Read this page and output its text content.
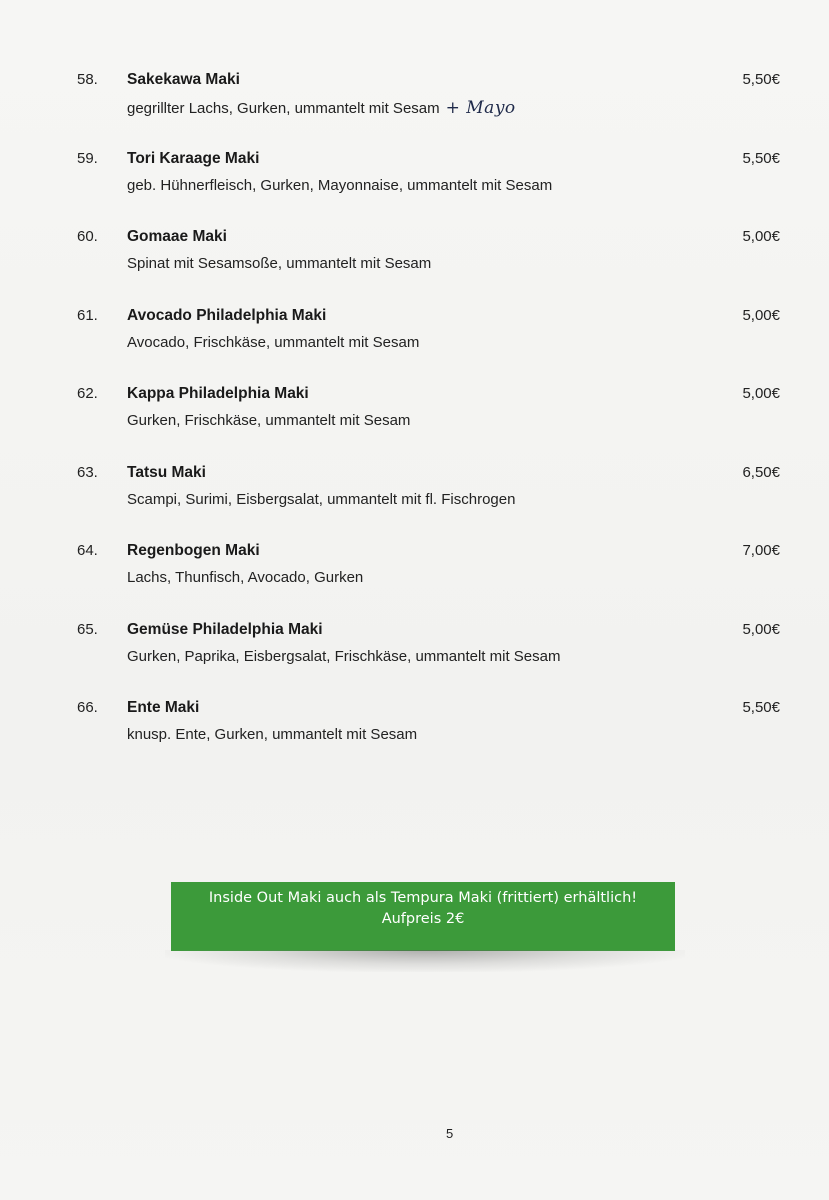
58. Sakekawa Maki
gegrillter Lachs, Gurken, ummantelt mit Sesam + Mayo
5,50€
59. Tori Karaage Maki
geb. Hühnerfleisch, Gurken, Mayonnaise, ummantelt mit Sesam
5,50€
60. Gomaae Maki
Spinat mit Sesamsoße, ummantelt mit Sesam
5,00€
61. Avocado Philadelphia Maki
Avocado, Frischkäse, ummantelt mit Sesam
5,00€
62. Kappa Philadelphia Maki
Gurken, Frischkäse, ummantelt mit Sesam
5,00€
63. Tatsu Maki
Scampi, Surimi, Eisbergsalat, ummantelt mit fl. Fischrogen
6,50€
64. Regenbogen Maki
Lachs, Thunfisch, Avocado, Gurken
7,00€
65. Gemüse Philadelphia Maki
Gurken, Paprika, Eisbergsalat, Frischkäse, ummantelt mit Sesam
5,00€
66. Ente Maki
knusp. Ente, Gurken, ummantelt mit Sesam
5,50€
Inside Out Maki auch als Tempura Maki (frittiert) erhältlich!
Aufpreis 2€
5
